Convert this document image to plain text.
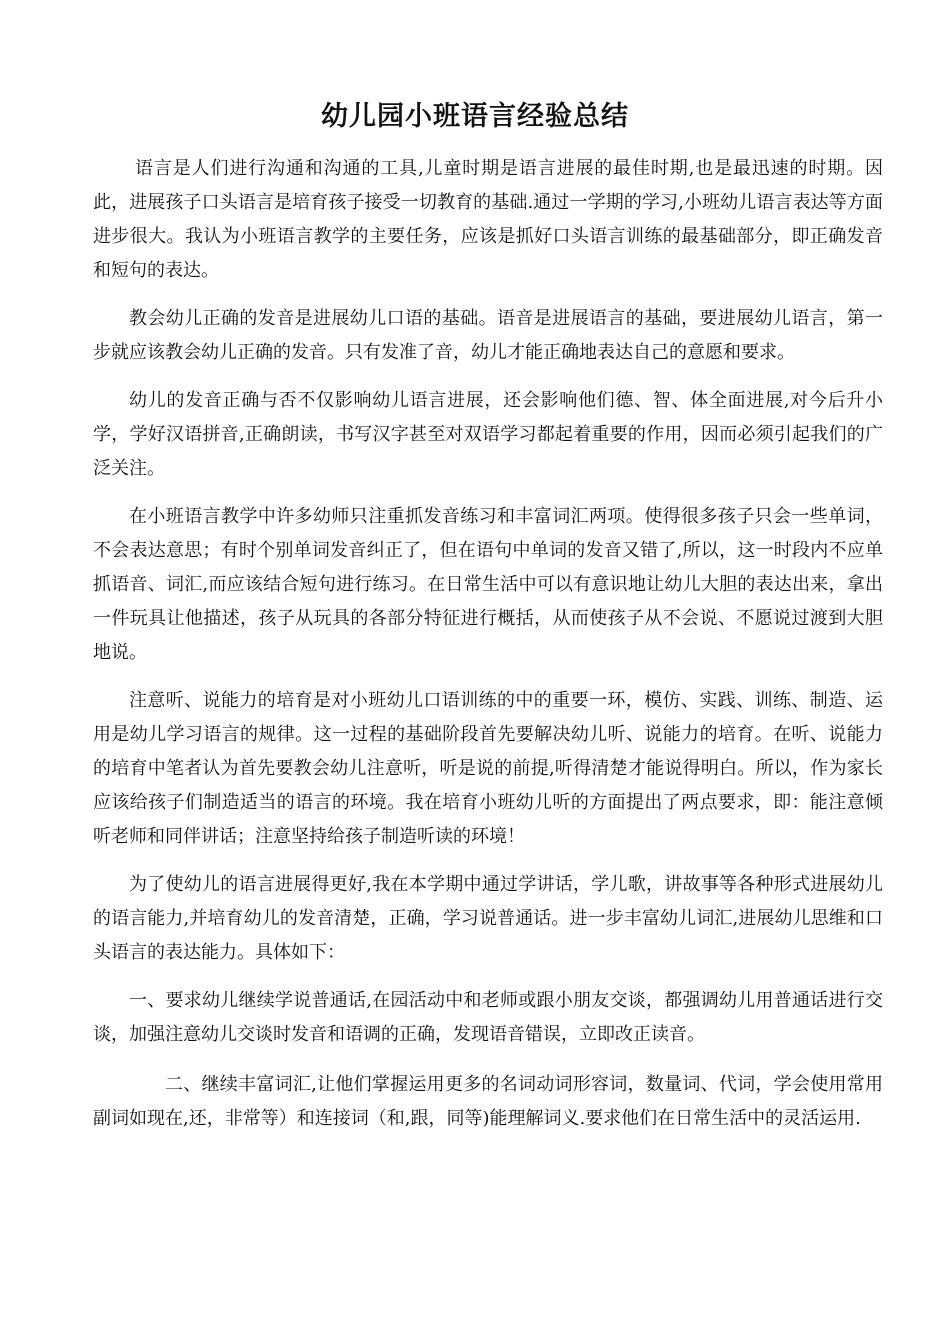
幼儿园小班语言经验总结

语言是人们进行沟通和沟通的工具,儿童时期是语言进展的最佳时期,也是最迅速的时期。因此，进展孩子口头语言是培育孩子接受一切教育的基础.通过一学期的学习,小班幼儿语言表达等方面进步很大。我认为小班语言教学的主要任务，应该是抓好口头语言训练的最基础部分，即正确发音和短句的表达。

教会幼儿正确的发音是进展幼儿口语的基础。语音是进展语言的基础，要进展幼儿语言，第一步就应该教会幼儿正确的发音。只有发准了音，幼儿才能正确地表达自己的意愿和要求。

幼儿的发音正确与否不仅影响幼儿语言进展，还会影响他们德、智、体全面进展,对今后升小学，学好汉语拼音,正确朗读，书写汉字甚至对双语学习都起着重要的作用，因而必须引起我们的广泛关注。

在小班语言教学中许多幼师只注重抓发音练习和丰富词汇两项。使得很多孩子只会一些单词，不会表达意思；有时个别单词发音纠正了，但在语句中单词的发音又错了,所以，这一时段内不应单抓语音、词汇,而应该结合短句进行练习。在日常生活中可以有意识地让幼儿大胆的表达出来，拿出一件玩具让他描述，孩子从玩具的各部分特征进行概括，从而使孩子从不会说、不愿说过渡到大胆地说。

注意听、说能力的培育是对小班幼儿口语训练的中的重要一环，模仿、实践、训练、制造、运用是幼儿学习语言的规律。这一过程的基础阶段首先要解决幼儿听、说能力的培育。在听、说能力的培育中笔者认为首先要教会幼儿注意听，听是说的前提,听得清楚才能说得明白。所以，作为家长应该给孩子们制造适当的语言的环境。我在培育小班幼儿听的方面提出了两点要求，即：能注意倾听老师和同伴讲话；注意坚持给孩子制造听读的环境！

为了使幼儿的语言进展得更好,我在本学期中通过学讲话，学儿歌，讲故事等各种形式进展幼儿的语言能力,并培育幼儿的发音清楚，正确，学习说普通话。进一步丰富幼儿词汇,进展幼儿思维和口头语言的表达能力。具体如下：

一、要求幼儿继续学说普通话,在园活动中和老师或跟小朋友交谈，都强调幼儿用普通话进行交谈，加强注意幼儿交谈时发音和语调的正确，发现语音错误，立即改正读音。

二、继续丰富词汇,让他们掌握运用更多的名词动词形容词，数量词、代词，学会使用常用副词如现在,还，非常等）和连接词（和,跟，同等)能理解词义.要求他们在日常生活中的灵活运用.
